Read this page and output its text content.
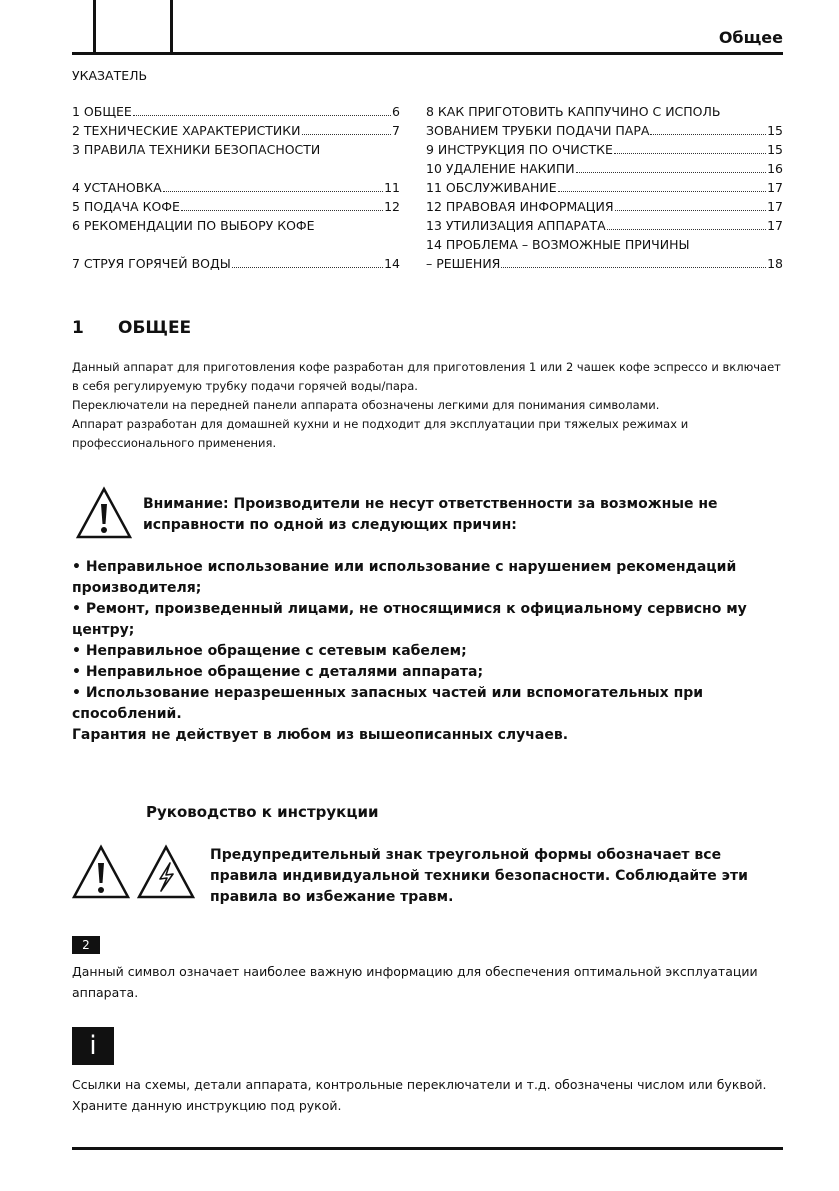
Общее
УКАЗАТЕЛЬ
1 ОБЩЕЕ	6
2 ТЕХНИЧЕСКИЕ ХАРАКТЕРИСТИКИ	7
3 ПРАВИЛА ТЕХНИКИ БЕЗОПАСНОСТИ
4 УСТАНОВКА	11
5 ПОДАЧА КОФЕ	12
6 РЕКОМЕНДАЦИИ ПО ВЫБОРУ КОФЕ
7 СТРУЯ ГОРЯЧЕЙ ВОДЫ	14
8 КАК ПРИГОТОВИТЬ КАППУЧИНО С ИСПОЛЬ
ЗОВАНИЕМ ТРУБКИ ПОДАЧИ ПАРА	15
9 ИНСТРУКЦИЯ ПО ОЧИСТКЕ	15
10 УДАЛЕНИЕ НАКИПИ	16
11 ОБСЛУЖИВАНИЕ	17
12 ПРАВОВАЯ ИНФОРМАЦИЯ	17
13 УТИЛИЗАЦИЯ АППАРАТА	17
14 ПРОБЛЕМА – ВОЗМОЖНЫЕ ПРИЧИНЫ
– РЕШЕНИЯ	18
1 ОБЩЕЕ

Данный аппарат для приготовления кофе разработан для приготовления 1 или 2 чашек кофе эспрессо и включает в себя регулируемую трубку подачи горячей воды/пара.

Переключатели на передней панели аппарата обозначены легкими для понимания символами.

Аппарат разработан для домашней кухни и не подходит для эксплуатации при тяжелых режимах и профессионального применения.

Внимание: Производители не несут ответственности за возможные не исправности по одной из следующих причин:
• Неправильное использование или использование с нарушением рекомендаций производителя;
• Ремонт, произведенный лицами, не относящимися к официальному сервисно му центру;
• Неправильное обращение с сетевым кабелем;
• Неправильное обращение с деталями аппарата;
• Использование неразрешенных запасных частей или вспомогательных при способлений.
Гарантия не действует в любом из вышеописанных случаев.
Руководство к инструкции
Предупредительный знак треугольной формы обозначает все правила индивидуальной техники безопасности. Соблюдайте эти правила во избежание травм.
2
Данный символ означает наиболее важную информацию для обеспечения оптимальной эксплуатации аппарата.
i
Ссылки на схемы, детали аппарата, контрольные переключатели и т.д. обозначены числом или буквой. Храните данную инструкцию под рукой.
